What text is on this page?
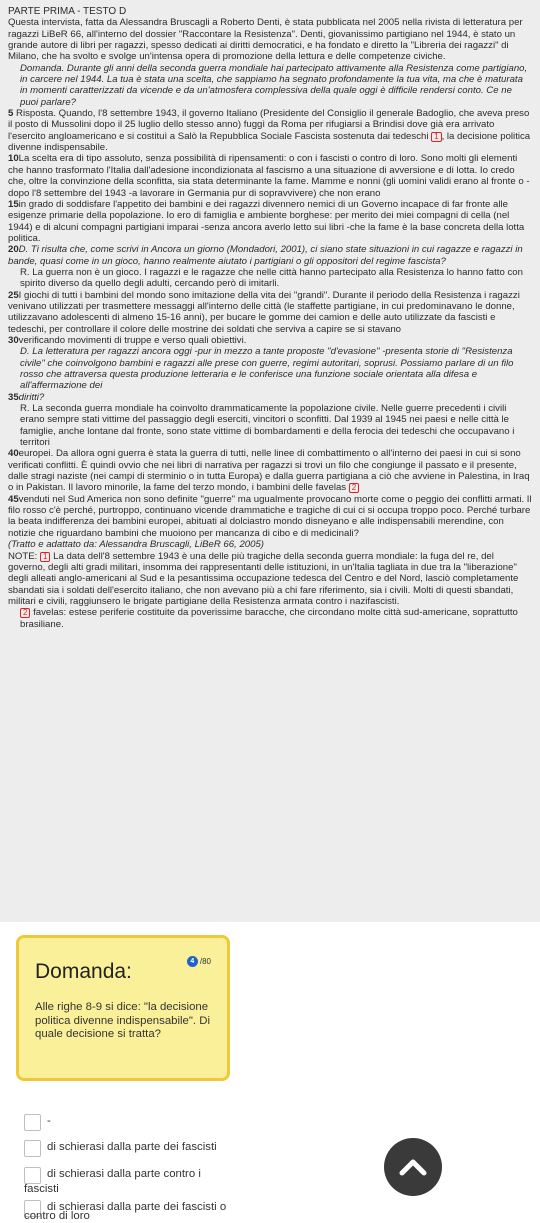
PARTE PRIMA - TESTO D

Questa intervista, fatta da Alessandra Bruscagli a Roberto Denti, è stata pubblicata nel 2005 nella rivista di letteratura per ragazzi LiBeR 66, all'interno del dossier "Raccontare la Resistenza". Denti, giovanissimo partigiano nel 1944, è stato un grande autore di libri per ragazzi, spesso dedicati ai diritti democratici, e ha fondato e diretto la "Libreria dei ragazzi" di Milano, che ha svolto e svolge un'intensa opera di promozione della lettura e delle competenze civiche.

Domanda. Durante gli anni della seconda guerra mondiale hai partecipato attivamente alla Resistenza come partigiano, in carcere nel 1944. La tua è stata una scelta, che sappiamo ha segnato profondamente la tua vita, ma che è maturata in momenti caratterizzati da vicende e da un'atmosfera complessiva della quale oggi è difficile rendersi conto. Ce ne puoi parlare?

5 Risposta. Quando, l'8 settembre 1943, il governo Italiano (Presidente del Consiglio il generale Badoglio, che aveva preso il posto di Mussolini dopo il 25 luglio dello stesso anno) fuggì da Roma per rifugiarsi a Brindisi dove già era arrivato l'esercito angloamericano e si costituì a Salò la Repubblica Sociale Fascista sostenuta dai tedeschi 1 , la decisione politica divenne indispensabile.

10La scelta era di tipo assoluto, senza possibilità di ripensamenti: o con i fascisti o contro di loro. Sono molti gli elementi che hanno trasformato l'Italia dall'adesione incondizionata al fascismo a una situazione di avversione e di lotta. Io credo che, oltre la convinzione della sconfitta, sia stata determinante la fame. Mamme e nonni (gli uomini validi erano al fronte o -dopo l'8 settembre del 1943 -a lavorare in Germania pur di sopravvivere) che non erano

15in grado di soddisfare l'appetito dei bambini e dei ragazzi divennero nemici di un Governo incapace di far fronte alle esigenze primarie della popolazione. Io ero di famiglia e ambiente borghese: per merito dei miei compagni di cella (nel 1944) e di alcuni compagni partigiani imparai -senza ancora averlo letto sui libri -che la fame è la base concreta della lotta politica.

20D. Ti risulta che, come scrivi in Ancora un giorno (Mondadori, 2001), ci siano state situazioni in cui ragazze e ragazzi in bande, quasi come in un gioco, hanno realmente aiutato i partigiani o gli oppositori del regime fascista?

R. La guerra non è un gioco. I ragazzi e le ragazze che nelle città hanno partecipato alla Resistenza lo hanno fatto con spirito diverso da quello degli adulti, cercando però di imitarli.

25I giochi di tutti i bambini del mondo sono imitazione della vita dei "grandi". Durante il periodo della Resistenza i ragazzi venivano utilizzati per trasmettere messaggi all'interno delle città (le staffette partigiane, in cui predominavano le donne, utilizzavano adolescenti di almeno 15-16 anni), per bucare le gomme dei camion e delle auto utilizzate da fascisti e tedeschi, per controllare il colore delle mostrine dei soldati che serviva a capire se si stavano

30verificando movimenti di truppe e verso quali obiettivi.

D. La letteratura per ragazzi ancora oggi -pur in mezzo a tante proposte "d'evasione" -presenta storie di "Resistenza civile" che coinvolgono bambini e ragazzi alle prese con guerre, regimi autoritari, soprusi. Possiamo parlare di un filo rosso che attraversa questa produzione letteraria e le conferisce una funzione sociale orientata alla difesa e all'affermazione dei

35diritti?

R. La seconda guerra mondiale ha coinvolto drammaticamente la popolazione civile. Nelle guerre precedenti i civili erano sempre stati vittime del passaggio degli eserciti, vincitori o sconfitti. Dal 1939 al 1945 nei paesi e nelle città le famiglie, anche lontane dal fronte, sono state vittime di bombardamenti e della ferocia dei tedeschi che occupavano i territori

40europei. Da allora ogni guerra è stata la guerra di tutti, nelle linee di combattimento o all'interno dei paesi in cui si sono verificati conflitti. È quindi ovvio che nei libri di narrativa per ragazzi si trovi un filo che congiunge il passato e il presente, dalle stragi naziste (nei campi di sterminio o in tutta Europa) e dalla guerra partigiana a ciò che avviene in Palestina, in Iraq o in Pakistan. Il lavoro minorile, la fame del terzo mondo, i bambini delle favelas 2

45venduti nel Sud America non sono definite "guerre" ma ugualmente provocano morte come o peggio dei conflitti armati. Il filo rosso c'è perché, purtroppo, continuano vicende drammatiche e tragiche di cui ci si occupa troppo poco. Perché turbare la beata indifferenza dei bambini europei, abituati al dolciastro mondo disneyano e alle indispensabili merendine, con notizie che riguardano bambini che muoiono per mancanza di cibo e di medicinali?

(Tratto e adattato da: Alessandra Bruscagli, LiBeR 66, 2005)

NOTE: 1 La data dell'8 settembre 1943 è una delle più tragiche della seconda guerra mondiale: la fuga del re, del governo, degli alti gradi militari, insomma dei rappresentanti delle istituzioni, in un'Italia tagliata in due tra la "liberazione" degli alleati anglo-americani al Sud e la pesantissima occupazione tedesca del Centro e del Nord, lasciò completamente sbandati sia i soldati dell'esercito italiano, che non avevano più a chi fare riferimento, sia i civili. Molti di questi sbandati, militari e civili, raggiunsero le brigate partigiane della Resistenza armata contro i nazifascisti.

2 favelas: estese periferie costituite da poverissime baracche, che circondano molte città sud-americane, soprattutto brasiliane.

Domanda:	4 /80
Alle righe 8-9 si dice: "la decisione politica divenne indispensabile". Di quale decisione si tratta?
-
di schierasi dalla parte dei fascisti
di schierasi dalla parte contro i
fascisti
di schierasi dalla parte dei fascisti o
contro di loro
